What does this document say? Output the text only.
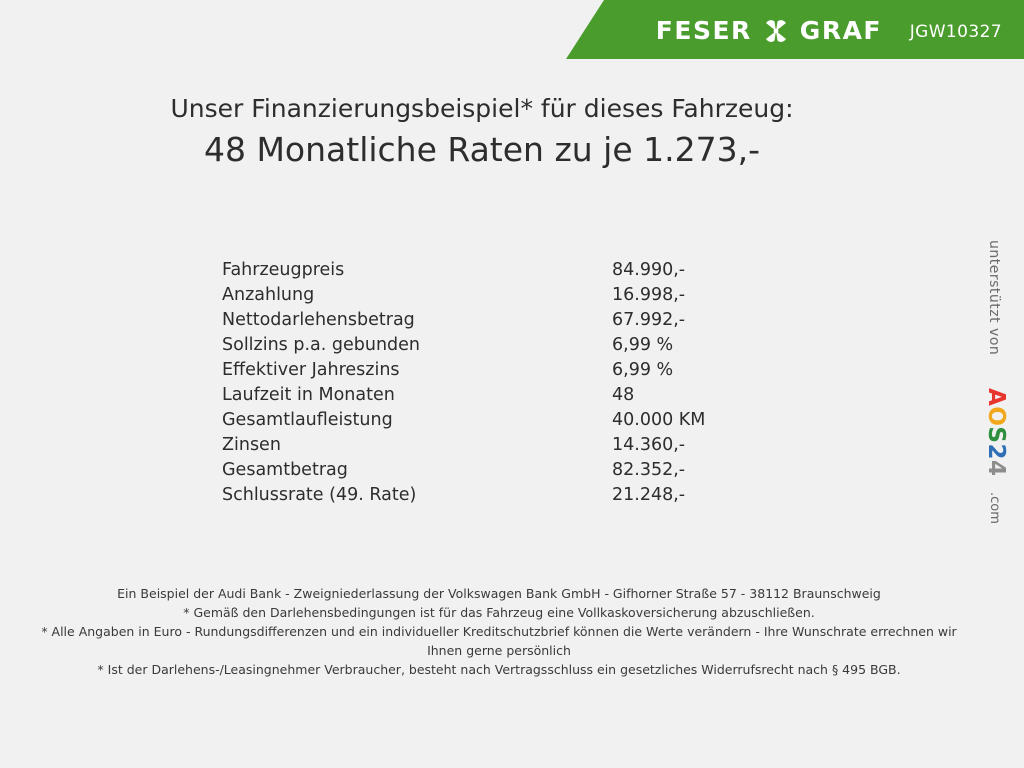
FESER GRAF JGW10327
Unser Finanzierungsbeispiel* für dieses Fahrzeug:
48 Monatliche Raten zu je 1.273,-
Fahrzeugpreis	84.990,-
Anzahlung	16.998,-
Nettodarlehensbetrag	67.992,-
Sollzins p.a. gebunden	6,99 %
Effektiver Jahreszins	6,99 %
Laufzeit in Monaten	48
Gesamtlaufleistung	40.000 KM
Zinsen	14.360,-
Gesamtbetrag	82.352,-
Schlussrate (49. Rate)	21.248,-
unterstützt von
AOS24
.com

Ein Beispiel der Audi Bank - Zweigniederlassung der Volkswagen Bank GmbH - Gifhorner Straße 57 - 38112 Braunschweig

* Gemäß den Darlehensbedingungen ist für das Fahrzeug eine Vollkaskoversicherung abzuschließen.

* Alle Angaben in Euro - Rundungsdifferenzen und ein individueller Kreditschutzbrief können die Werte verändern - Ihre Wunschrate errechnen wir Ihnen gerne persönlich

* Ist der Darlehens-/Leasingnehmer Verbraucher, besteht nach Vertragsschluss ein gesetzliches Widerrufsrecht nach § 495 BGB.
